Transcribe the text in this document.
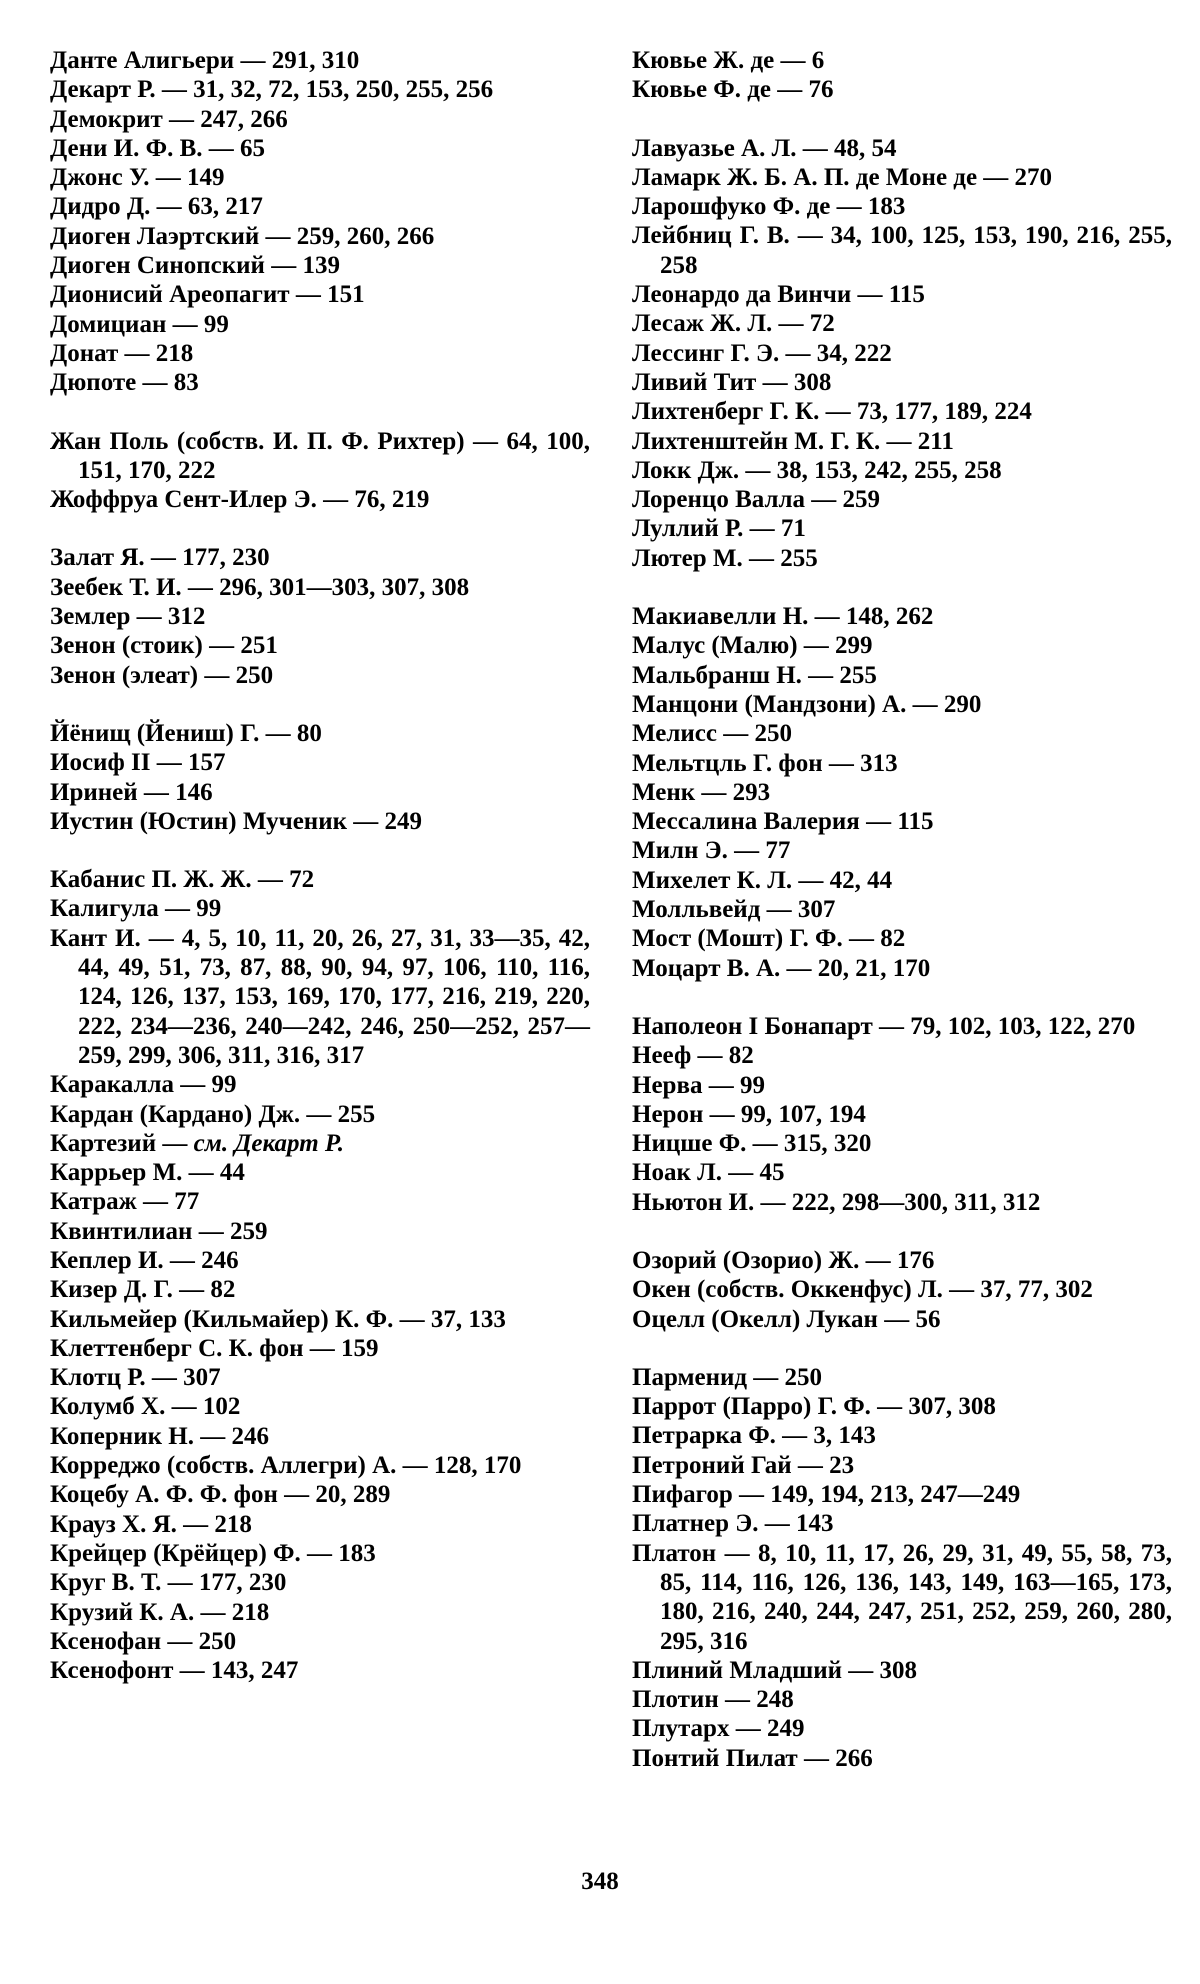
Данте Алигьери — 291, 310

Декарт Р. — 31, 32, 72, 153, 250, 255, 256

Демокрит — 247, 266

Дени И. Ф. В. — 65

Джонс У. — 149

Дидро Д. — 63, 217

Диоген Лаэртский — 259, 260, 266

Диоген Синопский — 139

Дионисий Ареопагит — 151

Домициан — 99

Донат — 218

Дюпоте — 83

Жан Поль (собств. И. П. Ф. Рихтер) — 64, 100, 151, 170, 222

Жоффруа Сент-Илер Э. — 76, 219

Залат Я. — 177, 230

Зеебек Т. И. — 296, 301—303, 307, 308

Землер — 312

Зенон (стоик) — 251

Зенон (элеат) — 250

Йёнищ (Йениш) Г. — 80

Иосиф II — 157

Ириней — 146

Иустин (Юстин) Мученик — 249

Кабанис П. Ж. Ж. — 72

Калигула — 99

Кант И. — 4, 5, 10, 11, 20, 26, 27, 31, 33—35, 42, 44, 49, 51, 73, 87, 88, 90, 94, 97, 106, 110, 116, 124, 126, 137, 153, 169, 170, 177, 216, 219, 220, 222, 234—236, 240—242, 246, 250—252, 257—259, 299, 306, 311, 316, 317

Каракалла — 99

Кардан (Кардано) Дж. — 255

Картезий — см. Декарт Р.

Каррьер М. — 44

Катраж — 77

Квинтилиан — 259

Кеплер И. — 246

Кизер Д. Г. — 82

Кильмейер (Кильмайер) К. Ф. — 37, 133

Клеттенберг С. К. фон — 159

Клотц Р. — 307

Колумб Х. — 102

Коперник Н. — 246

Корреджо (собств. Аллегри) А. — 128, 170

Коцебу А. Ф. Ф. фон — 20, 289

Крауз Х. Я. — 218

Крейцер (Крёйцер) Ф. — 183

Круг В. Т. — 177, 230

Крузий К. А. — 218

Ксенофан — 250

Ксенофонт — 143, 247

Кювье Ж. де — 6

Кювье Ф. де — 76

Лавуазье А. Л. — 48, 54

Ламарк Ж. Б. А. П. де Моне де — 270

Ларошфуко Ф. де — 183

Лейбниц Г. В. — 34, 100, 125, 153, 190, 216, 255, 258

Леонардо да Винчи — 115

Лесаж Ж. Л. — 72

Лессинг Г. Э. — 34, 222

Ливий Тит — 308

Лихтенберг Г. К. — 73, 177, 189, 224

Лихтенштейн М. Г. К. — 211

Локк Дж. — 38, 153, 242, 255, 258

Лоренцо Валла — 259

Луллий Р. — 71

Лютер М. — 255

Макиавелли Н. — 148, 262

Малус (Малю) — 299

Мальбранш Н. — 255

Манцони (Мандзони) А. — 290

Мелисс — 250

Мельтцль Г. фон — 313

Менк — 293

Мессалина Валерия — 115

Милн Э. — 77

Михелет К. Л. — 42, 44

Молльвейд — 307

Мост (Мошт) Г. Ф. — 82

Моцарт В. А. — 20, 21, 170

Наполеон I Бонапарт — 79, 102, 103, 122, 270

Нееф — 82

Нерва — 99

Нерон — 99, 107, 194

Ницше Ф. — 315, 320

Ноак Л. — 45

Ньютон И. — 222, 298—300, 311, 312

Озорий (Озорио) Ж. — 176

Окен (собств. Оккенфус) Л. — 37, 77, 302

Оцелл (Окелл) Лукан — 56

Парменид — 250

Паррот (Парро) Г. Ф. — 307, 308

Петрарка Ф. — 3, 143

Петроний Гай — 23

Пифагор — 149, 194, 213, 247—249

Платнер Э. — 143

Платон — 8, 10, 11, 17, 26, 29, 31, 49, 55, 58, 73, 85, 114, 116, 126, 136, 143, 149, 163—165, 173, 180, 216, 240, 244, 247, 251, 252, 259, 260, 280, 295, 316

Плиний Младший — 308

Плотин — 248

Плутарх — 249

Понтий Пилат — 266

348
